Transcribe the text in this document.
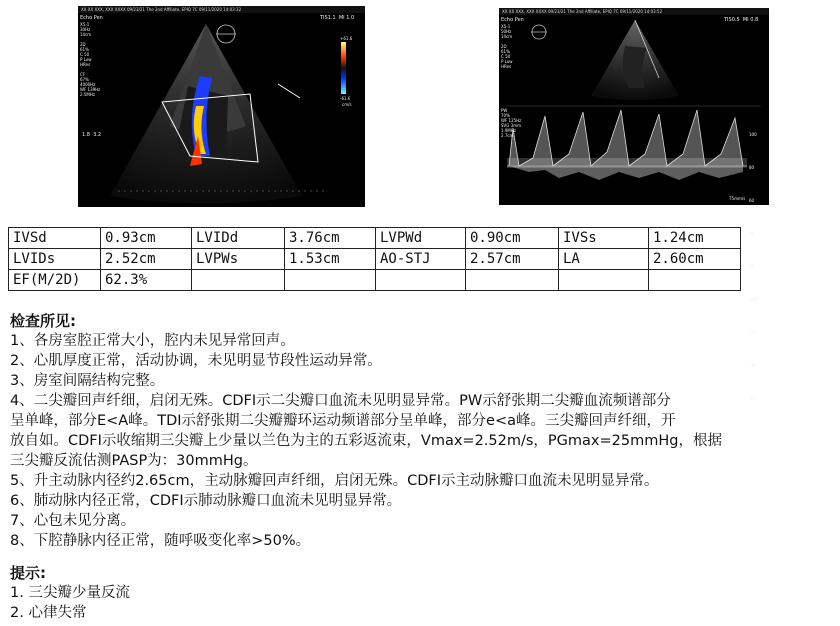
XX XX XXX, XXX XXXX 09/23/21 The 2nd Affiliate, EPIQ 7C 09/11/2020 14:03:32
Echo Pen
X5-1
30Hz
14cm

2D
61%
C 50
P Low
HRes

CF
67%
4000Hz
WF 139Hz
2.5MHz
TIS1.1  MI 1.0
+61.6
-61.6
cm/s
1.8  3.2
XX XX XXX, XXX XXXX 09/23/21 The 2nd Affiliate, EPIQ 7C 09/11/2020 14:03:52
Echo Pen
X5-1
50Hz
14cm

2D
61%
C 50
P Low
HRes
TIS0.5  MI 0.8
PW
70%
WF 125Hz
SVG 3mm
1.9MHz
2.7cm

	100

80

60

40

20

cm/s

-20

-40

-60

75mm/s
IVSd	0.93cm	LVIDd	3.76cm	LVPWd	0.90cm	IVSs	1.24cm
LVIDs	2.52cm	LVPWs	1.53cm	AO-STJ	2.57cm	LA	2.60cm
EF(M/2D)	62.3%						
检查所见:
1、各房室腔正常大小，腔内未见异常回声。
2、心肌厚度正常，活动协调，未见明显节段性运动异常。
3、房室间隔结构完整。
4、二尖瓣回声纤细，启闭无殊。CDFI示二尖瓣口血流未见明显异常。PW示舒张期二尖瓣血流频谱部分
呈单峰，部分E<A峰。TDI示舒张期二尖瓣瓣环运动频谱部分呈单峰，部分e<a峰。三尖瓣回声纤细，开
放自如。CDFI示收缩期三尖瓣上少量以兰色为主的五彩返流束，Vmax=2.52m/s，PGmax=25mmHg，根据
三尖瓣反流估测PASP为：30mmHg。
5、升主动脉内径约2.65cm，主动脉瓣回声纤细，启闭无殊。CDFI示主动脉瓣口血流未见明显异常。
6、肺动脉内径正常，CDFI示肺动脉瓣口血流未见明显异常。
7、心包未见分离。
8、下腔静脉内径正常，随呼吸变化率>50%。
提示:
1. 三尖瓣少量反流
2. 心律失常
